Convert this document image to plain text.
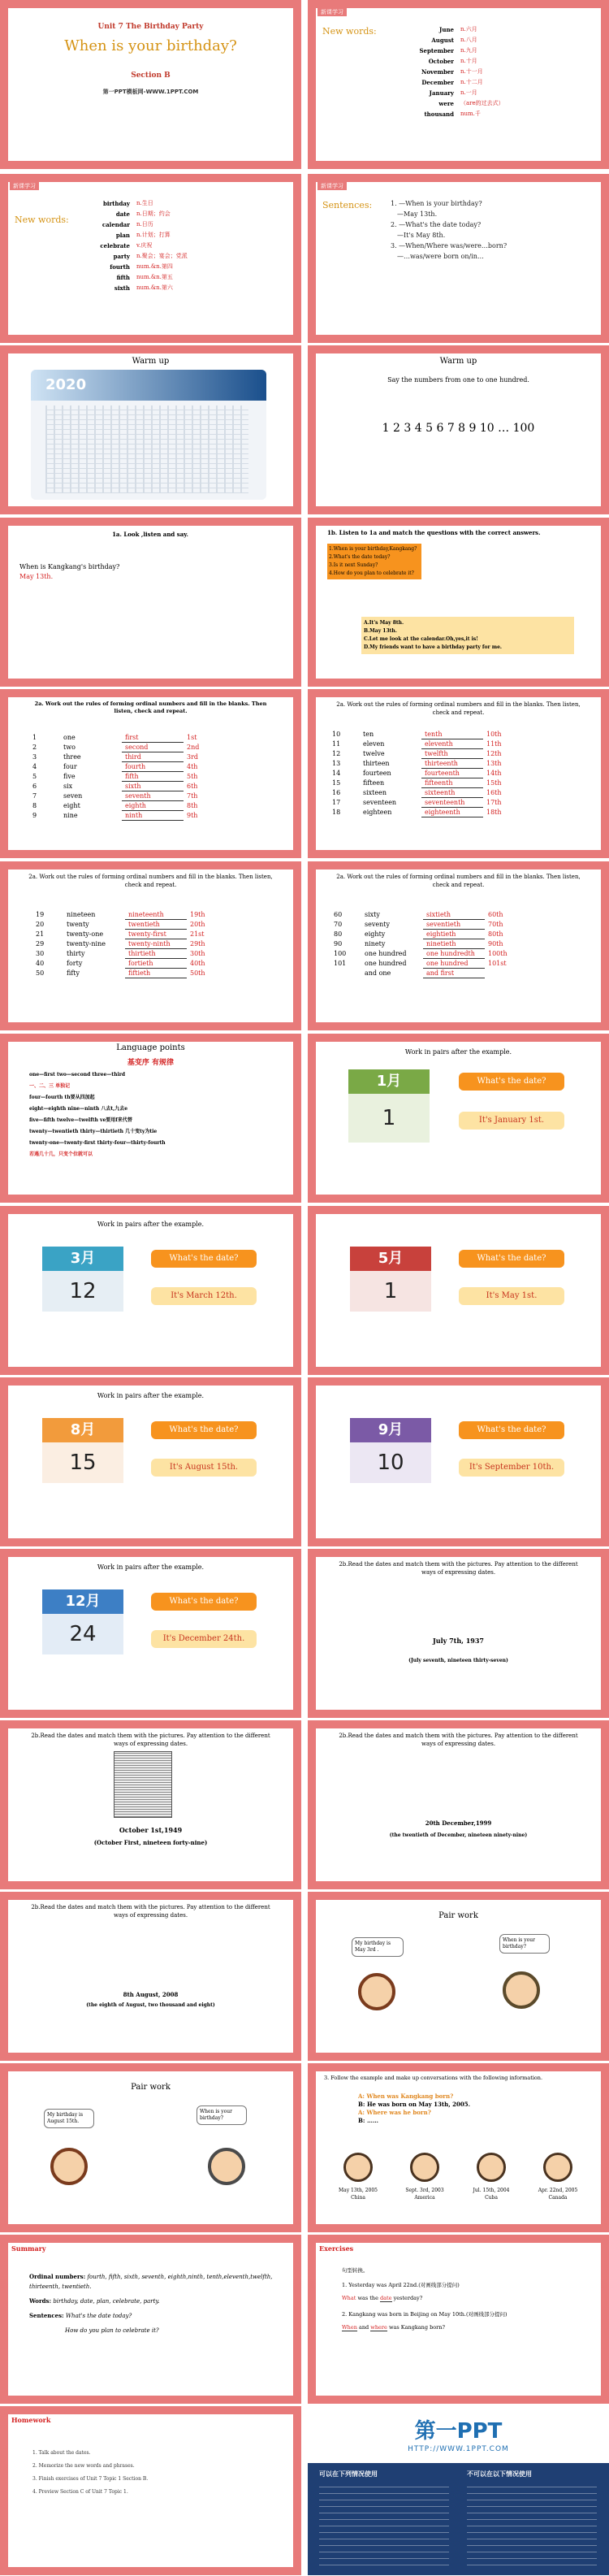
Unit 7 The Birthday Party
When is your birthday?
Section B
第一PPT模板网-WWW.1PPT.COM
新课学习
New words:	June	n.六月
August	n.八月
September	n.九月
October	n.十月
November	n.十一月
December	n.十二月
January	n.一月
were	（are的过去式）
thousand	num.千
新课学习
New words:
birthday	n.生日
date	n.日期；约会
calendar	n.日历
plan	n.计划；打算
celebrate	v.庆祝
party	n.聚会；宴会；党派
fourth	num.&n.第四
fifth	num.&n.第五
sixth	num.&n.第六
新课学习
Sentences:	1. —When is your birthday?
—May 13th.
2. —What's the date today?
—It's May 8th.
3. —When/Where was/were…born?
—…was/were born on/in…
Warm up
2020
Warm up
Say the numbers from one to one hundred.
1 2 3 4 5 6 7 8 9 10 … 100
1a. Look ,listen and say.
When is Kangkang's birthday?
May 13th.
1b. Listen to 1a and match the questions with the correct answers.
1.When is your birthday,Kangkang?
2.What's the date today?
3.Is it next Sunday?
4.How do you plan to celebrate it?
A.It's May 8th.
B.May 13th.
C.Let me look at the calendar.Oh,yes,it is!
D.My friends want to have a birthday party for me.
2a. Work out the rules of forming ordinal numbers and fill in the blanks. Then listen, check and repeat.
1	one	first	1st
2	two	second	2nd
3	three	third	3rd
4	four	fourth	4th
5	five	fifth	5th
6	six	sixth	6th
7	seven	seventh	7th
8	eight	eighth	8th
9	nine	ninth	9th
2a. Work out the rules of forming ordinal numbers and fill in the blanks. Then listen, check and repeat.
10	ten	tenth	10th
11	eleven	eleventh	11th
12	twelve	twelfth	12th
13	thirteen	thirteenth	13th
14	fourteen	fourteenth	14th
15	fifteen	fifteenth	15th
16	sixteen	sixteenth	16th
17	seventeen	seventeenth	17th
18	eighteen	eighteenth	18th
2a. Work out the rules of forming ordinal numbers and fill in the blanks. Then listen, check and repeat.
19	nineteen	nineteenth	19th
20	twenty	twentieth	20th
21	twenty-one	twenty-first	21st
29	twenty-nine	twenty-ninth	29th
30	thirty	thirtieth	30th
40	forty	fortieth	40th
50	fifty	fiftieth	50th
2a. Work out the rules of forming ordinal numbers and fill in the blanks. Then listen, check and repeat.
60	sixty	sixtieth	60th
70	seventy	seventieth	70th
80	eighty	eightieth	80th
90	ninety	ninetieth	90th
100	one hundred	one hundredth	100th
101	one hundred	one hundred	101st
	and one	and first	
Language points
基变序 有规律
one—first two—second three—third
一、二、三 单独记
four—fourth th要从四加起
eight—eighth nine—ninth 八去t,九去e
five—fifth twelve—twelfth ve要用f来代替
twenty—twentieth thirty—thirtieth 几十变ty为tie
twenty-one—twenty-first thirty-four—thirty-fourth
若遇几十几，只变个位就可以
Work in pairs after the example.
1月
1
What's the date?
It's January 1st.
Work in pairs after the example.
3月
12
What's the date?
It's March 12th.
5月
1
What's the date?
It's May 1st.
Work in pairs after the example.
8月
15
What's the date?
It's August 15th.
9月
10
What's the date?
It's September 10th.
Work in pairs after the example.
12月
24
What's the date?
It's December 24th.
2b.Read the dates and match them with the pictures. Pay attention to the different ways of expressing dates.
July 7th, 1937
(July seventh, nineteen thirty-seven)
2b.Read the dates and match them with the pictures. Pay attention to the different ways of expressing dates.
October 1st,1949
(October First, nineteen forty-nine)
2b.Read the dates and match them with the pictures. Pay attention to the different ways of expressing dates.
20th December,1999
(the twentieth of December, nineteen ninety-nine)
2b.Read the dates and match them with the pictures. Pay attention to the different ways of expressing dates.
8th August, 2008
(the eighth of August, two thousand and eight)
Pair work
My birthday is May 3rd .
When is your birthday?
Pair work
My birthday is August 15th.
When is your birthday?
3. Follow the example and make up conversations with the following information.
A: When was Kangkang born?
B: He was born on May 13th, 2005.
A: Where was he born?
B: ……
May 13th, 2005
China
Sept. 3rd, 2003
America
Jul. 15th, 2004
Cuba
Apr. 22nd, 2005
Canada
Summary
Ordinal numbers: fourth, fifth, sixth, seventh, eighth,ninth, tenth,eleventh,twelfth, thirteenth, twentieth.
Words: birthday, date, plan, celebrate, party.
Sentences: What's the date today?
How do you plan to celebrate it?
Exercises
句型转换。
1. Yesterday was April 22nd.(对画线部分提问)
What was the date yesterday?
2. Kangkang was born in Beijing on May 10th.(对画线部分提问)
When and where was Kangkang born?
Homework
1. Talk about the dates.
2. Memorize the new words and phrases.
3. Finish exercises of Unit 7 Topic 1 Section B.
4. Preview Section C of Unit 7 Topic 1.
第一PPT
HTTP://WWW.1PPT.COM
可以在下列情况使用	不可以在以下情况使用
